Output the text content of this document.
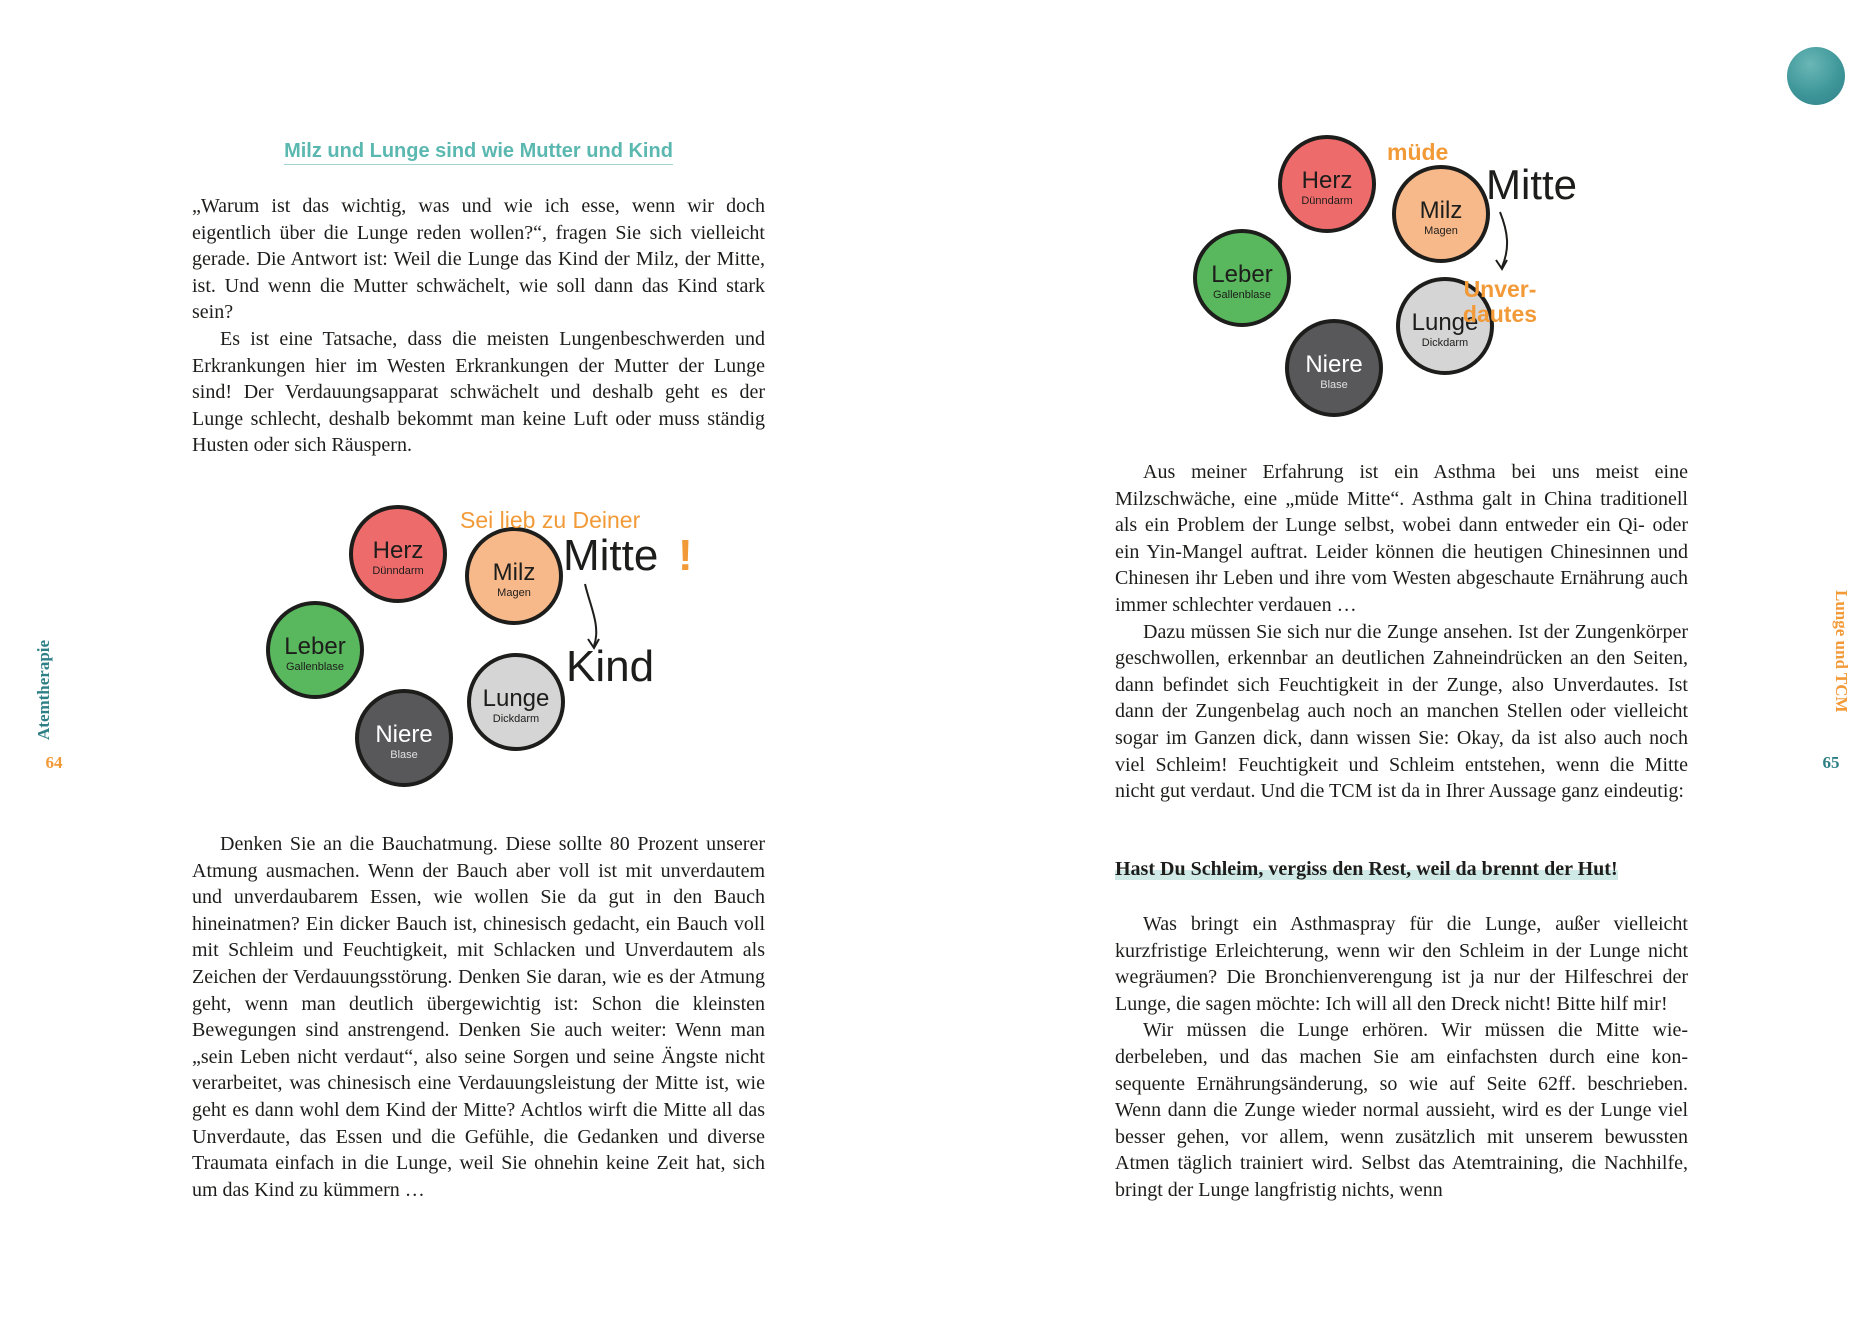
Milz und Lunge sind wie Mutter und Kind

„Warum ist das wichtig, was und wie ich esse, wenn wir doch eigentlich über die Lunge reden wollen?“, fragen Sie sich vielleicht gerade. Die Antwort ist: Weil die Lunge das Kind der Milz, der Mitte, ist. Und wenn die Mutter schwächelt, wie soll dann das Kind stark sein?

Es ist eine Tatsache, dass die meisten Lungenbeschwerden und Erkrankungen hier im Westen Erkrankungen der Mutter der Lunge sind! Der Verdauungsapparat schwächelt und deshalb geht es der Lunge schlecht, deshalb bekommt man keine Luft oder muss ständig Husten oder sich Räuspern.

Herz
Dünndarm	Milz
Magen
Leber
Gallenblase
Lunge
Dickdarm
Niere
Blase
Sei lieb zu Deiner
Mitte !
Kind

Denken Sie an die Bauchatmung. Diese sollte 80 Prozent unserer Atmung ausmachen. Wenn der Bauch aber voll ist mit unverdautem und unverdaubarem Essen, wie wollen Sie da gut in den Bauch hineinatmen? Ein dicker Bauch ist, chinesisch gedacht, ein Bauch voll mit Schleim und Feuchtigkeit, mit Schlacken und Unverdautem als Zeichen der Verdauungsstörung. Denken Sie daran, wie es der Atmung geht, wenn man deutlich übergewichtig ist: Schon die kleinsten Bewegungen sind anstrengend. Denken Sie auch weiter: Wenn man „sein Leben nicht verdaut“, also seine Sorgen und seine Ängste nicht verarbeitet, was chinesisch eine Verdauungsleistung der Mitte ist, wie geht es dann wohl dem Kind der Mitte? Achtlos wirft die Mitte all das Unverdaute, das Essen und die Gefühle, die Gedanken und diverse Traumata einfach in die Lunge, weil Sie ohnehin keine Zeit hat, sich um das Kind zu kümmern …

Atemtherapie
64
Herz
Dünndarm	Milz
Magen
Leber
Gallenblase
Lunge
Dickdarm
Niere
Blase
müde
Mitte
Unver-
dautes

Aus meiner Erfahrung ist ein Asthma bei uns meist eine Milzschwäche, eine „müde Mitte“. Asthma galt in China traditionell als ein Problem der Lunge selbst, wobei dann entweder ein Qi- oder ein Yin-Mangel auftrat. Leider können die heutigen Chinesinnen und Chinesen ihr Leben und ihre vom Westen abgeschaute Ernährung auch immer schlechter verdauen …

Dazu müssen Sie sich nur die Zunge ansehen. Ist der Zungenkörper geschwollen, erkennbar an deutlichen Zahneindrücken an den Seiten, dann befindet sich Feuchtigkeit in der Zunge, also Unverdautes. Ist dann der Zungenbelag auch noch an manchen Stellen oder vielleicht sogar im Ganzen dick, dann wissen Sie: Okay, da ist also auch noch viel Schleim! Feuchtigkeit und Schleim entstehen, wenn die Mitte nicht gut verdaut. Und die TCM ist da in Ihrer Aussage ganz eindeutig:

Hast Du Schleim, vergiss den Rest, weil da brennt der Hut!

Was bringt ein Asthmaspray für die Lunge, außer vielleicht kurzfristige Erleichterung, wenn wir den Schleim in der Lunge nicht wegräumen? Die Bronchienverengung ist ja nur der Hilfeschrei der Lunge, die sagen möchte: Ich will all den Dreck nicht! Bitte hilf mir!

Wir müssen die Lunge erhören. Wir müssen die Mitte wiederbeleben, und das machen Sie am einfachsten durch eine konsequente Ernährungsänderung, so wie auf Seite 62ff. beschrieben. Wenn dann die Zunge wieder normal aussieht, wird es der Lunge viel besser gehen, vor allem, wenn zusätzlich mit unserem bewussten Atmen täglich trainiert wird. Selbst das Atemtraining, die Nachhilfe, bringt der Lunge langfristig nichts, wenn

Lunge und TCM
65
